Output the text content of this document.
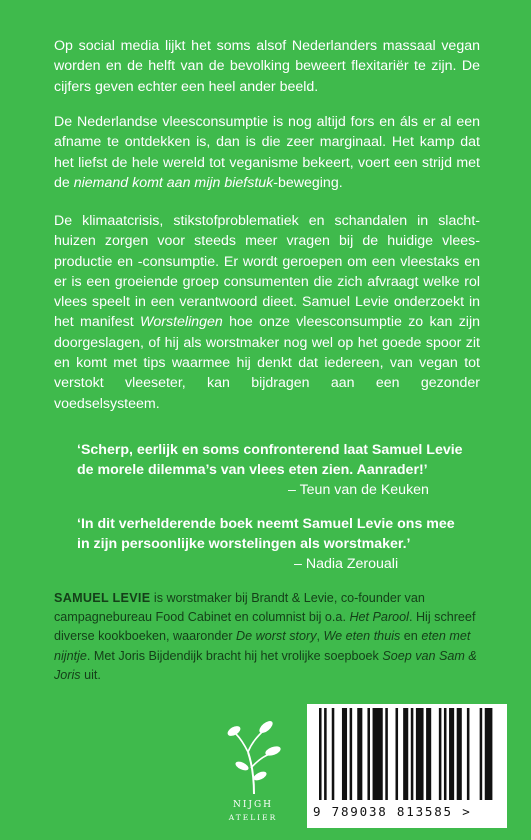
Op social media lijkt het soms alsof Nederlanders massaal vegan worden en de helft van de bevolking beweert flexitariër te zijn. De cijfers geven echter een heel ander beeld.

De Nederlandse vleesconsumptie is nog altijd fors en áls er al een afname te ontdekken is, dan is die zeer marginaal. Het kamp dat het liefst de hele wereld tot veganisme bekeert, voert een strijd met de niemand komt aan mijn biefstuk-beweging.

De klimaatcrisis, stikstofproblematiek en schandalen in slachthuizen zorgen voor steeds meer vragen bij de huidige vleesproductie en -consumptie. Er wordt geroepen om een vleestaks en er is een groeiende groep consumenten die zich afvraagt welke rol vlees speelt in een verantwoord dieet. Samuel Levie onderzoekt in het manifest Worstelingen hoe onze vleesconsumptie zo kan zijn doorgeslagen, of hij als worstmaker nog wel op het goede spoor zit en komt met tips waarmee hij denkt dat iedereen, van vegan tot verstokt vleeseter, kan bijdragen aan een gezonder voedselsysteem.

‘Scherp, eerlijk en soms confronterend laat Samuel Levie
de morele dilemma’s van vlees eten zien. Aanrader!’

– Teun van de Keuken

‘In dit verhelderende boek neemt Samuel Levie ons mee
in zijn persoonlijke worstelingen als worstmaker.’

– Nadia Zerouali

SAMUEL LEVIE is worstmaker bij Brandt & Levie, co-founder van campagnebureau Food Cabinet en columnist bij o.a. Het Parool. Hij schreef diverse kookboeken, waaronder De worst story, We eten thuis en eten met nijntje. Met Joris Bijdendijk bracht hij het vrolijke soepboek Soep van Sam & Joris uit.

NIJGH
ATELIER	9 789038 813585 >
